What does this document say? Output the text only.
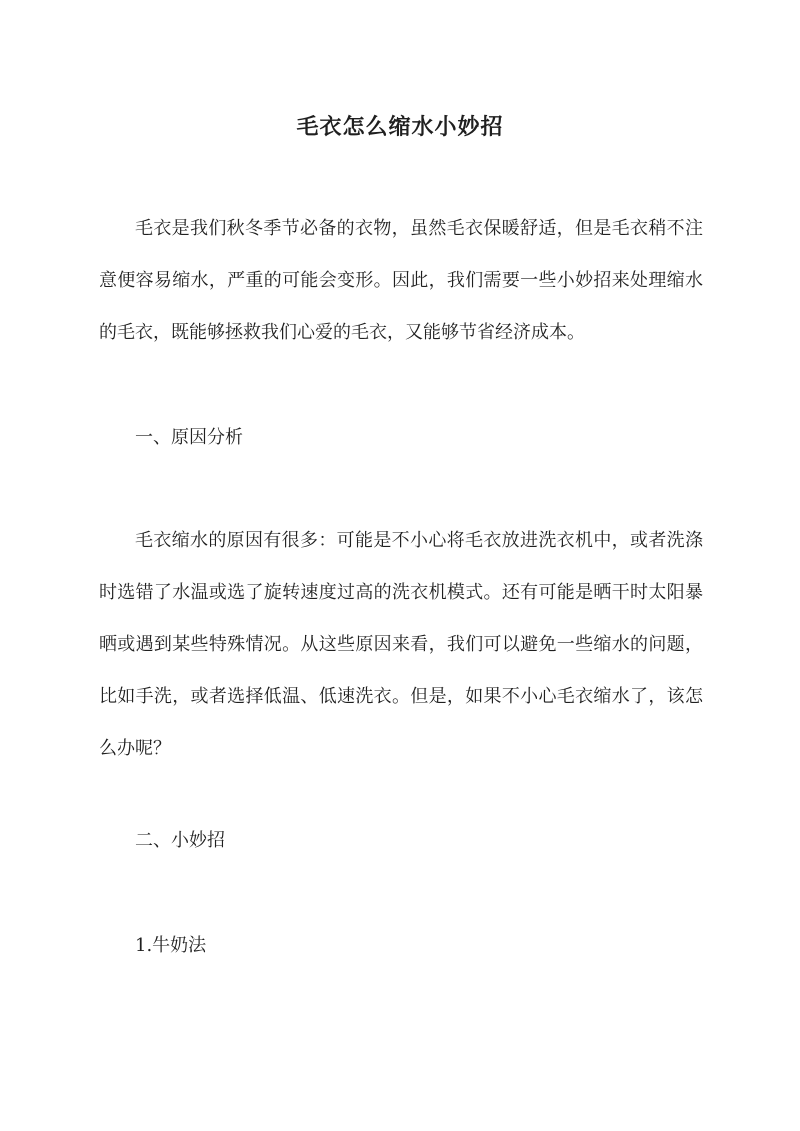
毛衣怎么缩水小妙招

毛衣是我们秋冬季节必备的衣物，虽然毛衣保暖舒适，但是毛衣稍不注意便容易缩水，严重的可能会变形。因此，我们需要一些小妙招来处理缩水的毛衣，既能够拯救我们心爱的毛衣，又能够节省经济成本。

一、原因分析

毛衣缩水的原因有很多：可能是不小心将毛衣放进洗衣机中，或者洗涤时选错了水温或选了旋转速度过高的洗衣机模式。还有可能是晒干时太阳暴晒或遇到某些特殊情况。从这些原因来看，我们可以避免一些缩水的问题，比如手洗，或者选择低温、低速洗衣。但是，如果不小心毛衣缩水了，该怎么办呢？

二、小妙招

1.牛奶法
